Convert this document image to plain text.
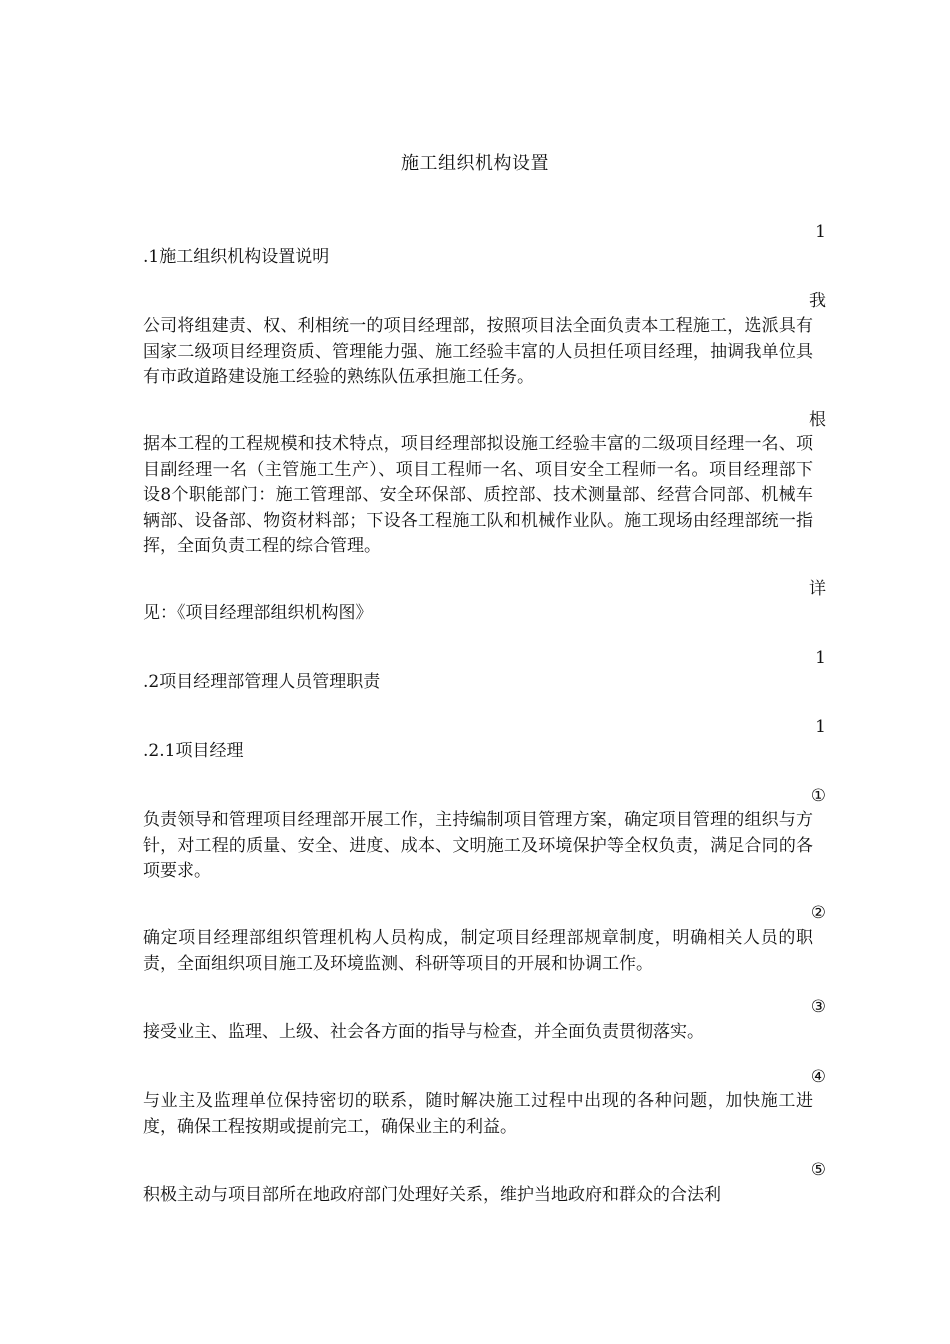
施工组织机构设置
1
.1施工组织机构设置说明
我

公司将组建责、权、利相统一的项目经理部，按照项目法全面负责本工程施工，选派具有国家二级项目经理资质、管理能力强、施工经验丰富的人员担任项目经理，抽调我单位具有市政道路建设施工经验的熟练队伍承担施工任务。

根

据本工程的工程规模和技术特点，项目经理部拟设施工经验丰富的二级项目经理一名、项目副经理一名（主管施工生产）、项目工程师一名、项目安全工程师一名。项目经理部下设8个职能部门：施工管理部、安全环保部、质控部、技术测量部、经营合同部、机械车辆部、设备部、物资材料部；下设各工程施工队和机械作业队。施工现场由经理部统一指挥，全面负责工程的综合管理。

详
见：《项目经理部组织机构图》
1
.2项目经理部管理人员管理职责
1
.2.1项目经理
①

负责领导和管理项目经理部开展工作，主持编制项目管理方案，确定项目管理的组织与方针，对工程的质量、安全、进度、成本、文明施工及环境保护等全权负责，满足合同的各项要求。

②

确定项目经理部组织管理机构人员构成，制定项目经理部规章制度，明确相关人员的职责，全面组织项目施工及环境监测、科研等项目的开展和协调工作。

③
接受业主、监理、上级、社会各方面的指导与检查，并全面负责贯彻落实。
④

与业主及监理单位保持密切的联系，随时解决施工过程中出现的各种问题，加快施工进度，确保工程按期或提前完工，确保业主的利益。

⑤

积极主动与项目部所在地政府部门处理好关系，维护当地政府和群众的合法利
